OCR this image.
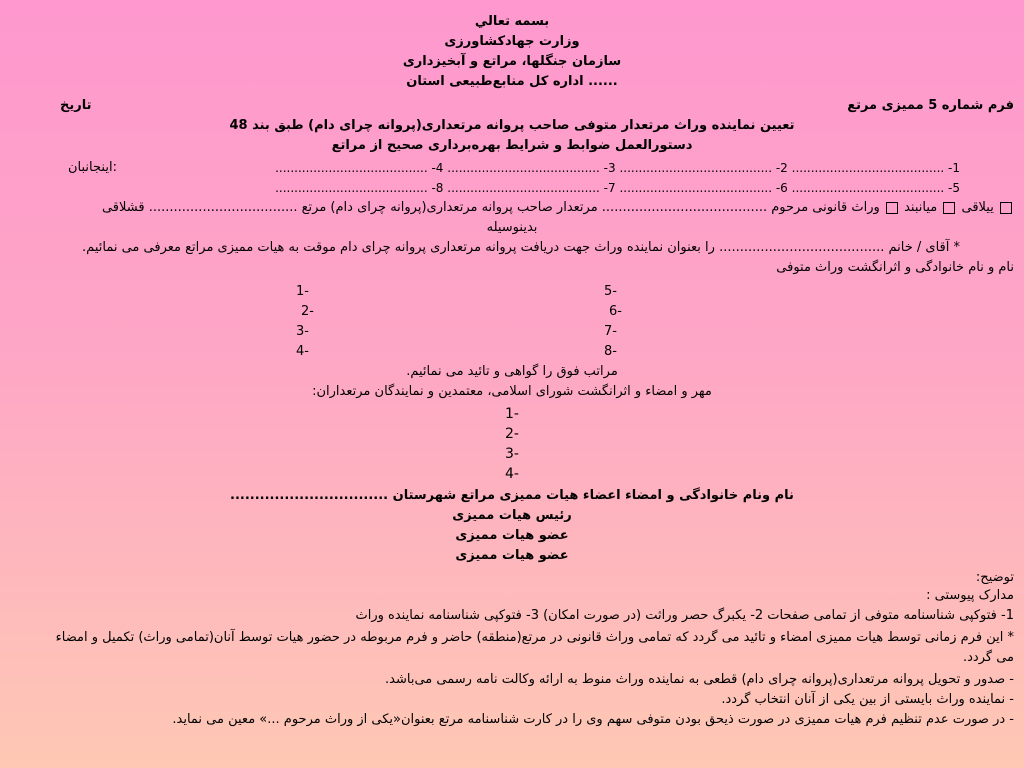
بسمه تعالي
وزارت جهادکشاورزی
سازمان جنگلها، مراتع و آبخیزداری
اداره کل منابع‌طبیعی استان ......
فرم شماره 5 ممیزی مرتع
تاریخ
تعیین نماینده وراث مرتعدار متوفی صاحب پروانه مرتعداری(پروانه چرای دام) طبق بند 48
دستورالعمل ضوابط و شرایط بهره‌برداری صحیح از مراتع
اینجانبان:	1- ........................................ 2- ........................................ 3- ........................................ 4- ........................................
5- ........................................ 6- ........................................ 7- ........................................ 8- ........................................
ییلاقی  میانبند  وراث قانونی مرحوم ........................................ مرتعدار صاحب پروانه مرتعداری(پروانه چرای دام) مرتع .................................... قشلاقی
بدینوسیله
* آقای / خانم ........................................ را بعنوان نماینده وراث جهت دریافت پروانه مرتعداری پروانه چرای دام موقت به هیات ممیزی مراتع معرفی می نمائیم.
نام و نام خانوادگی و اثرانگشت وراث متوفی
1-
2-
3-
4-
5-
6-
7-
8-
مراتب فوق را گواهی و تائید می نمائیم.
مهر و امضاء و اثرانگشت شورای اسلامی، معتمدین و نمایندگان مرتعداران:
1-
2-
3-
4-
نام ونام خانوادگی و امضاء اعضاء هیات ممیزی مراتع شهرستان ................................
رئیس هیات ممیزی
عضو هیات ممیزی
عضو هیات ممیزی
توضیح:
مدارک پیوستی :
1- فتوکپی شناسنامه متوفی از تمامی صفحات 2- یکبرگ حصر وراثت (در صورت امکان) 3- فتوکپی شناسنامه نماینده وراث
* این فرم زمانی توسط هیات ممیزی امضاء و تائید می گردد که تمامی وراث قانونی در مرتع(منطقه) حاضر و فرم مربوطه در حضور هیات توسط آنان(تمامی وراث) تکمیل و امضاء
می گردد.
- صدور و تحویل پروانه مرتعداری(پروانه چرای دام) قطعی به نماینده وراث منوط به ارائه وکالت نامه رسمی می‌باشد.
- نماینده وراث بایستی از بین یکی از آنان انتخاب گردد.
- در صورت عدم تنظیم فرم هیات ممیزی در صورت ذیحق بودن متوفی سهم وی را در کارت شناسنامه مرتع بعنوان«یکی از وراث مرحوم ...» معین می نماید.
